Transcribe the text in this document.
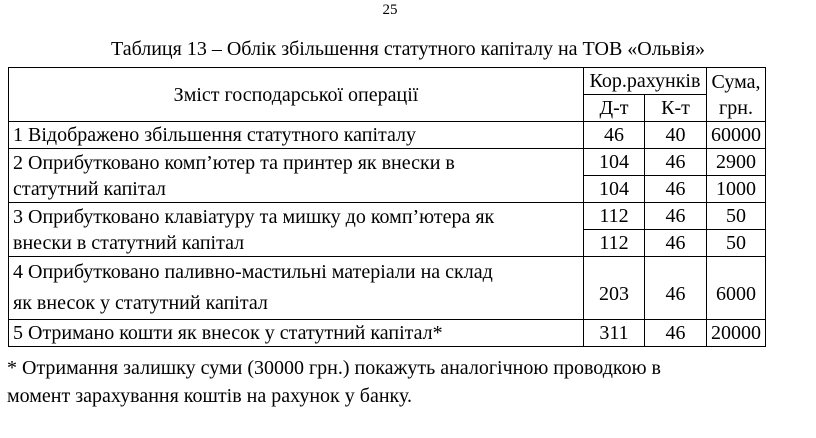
25
Таблиця 13 – Облік збільшення статутного капіталу на ТОВ «Ольвія»
Зміст господарської операції	Кор.рахунків		Сума,
грн.

	Д-т	К-т	
1 Відображено збільшення статутного капіталу	46	40	60000

2 Оприбутковано комп’ютер та принтер як внески в
статутний капітал	104	46	2900
	104	46	1000

3 Оприбутковано клавіатуру та мишку до комп’ютера як
внески в статутний капітал	112	46	50
	112	46	50

4 Оприбутковано паливно-мастильні матеріали на склад
як внесок у статутний капітал	203	46	6000
5 Отримано кошти як внесок у статутний капітал*	311	46	20000
* Отримання залишку суми (30000 грн.) покажуть аналогічною проводкою в
момент зарахування коштів на рахунок у банку.
